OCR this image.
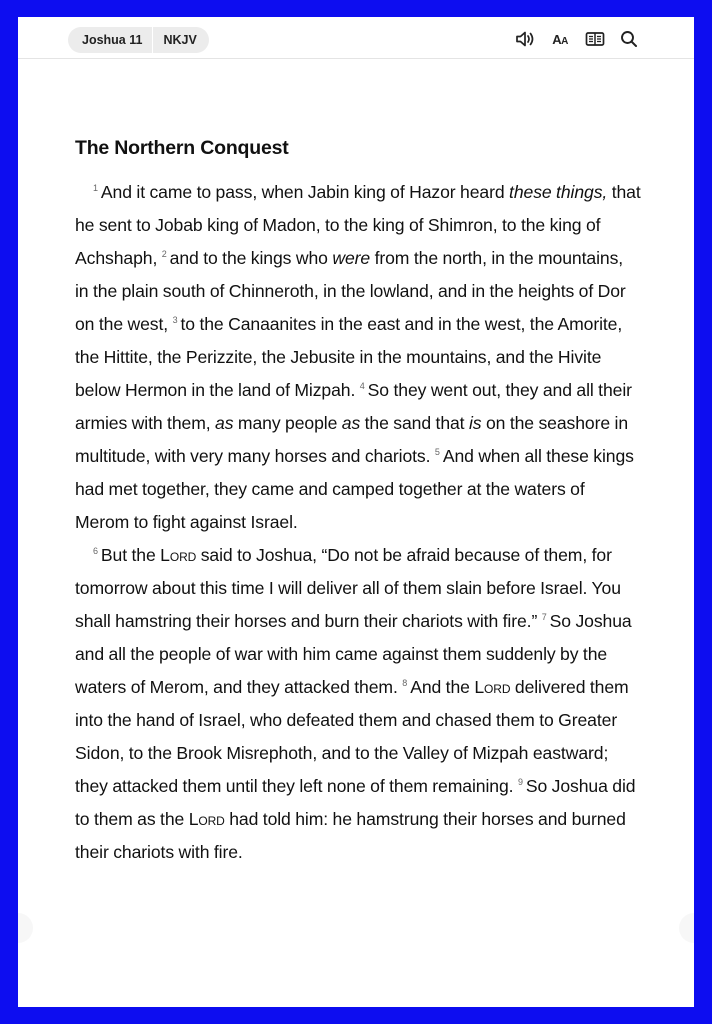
Joshua 11	NKJV	AA
The Northern Conquest

$^1$ And it came to pass, when Jabin king of Hazor heard these things, that he sent to Jobab king of Madon, to the king of Shimron, to the king of Achshaph, $^2$ and to the kings who were from the north, in the mountains, in the plain south of Chinneroth, in the lowland, and in the heights of Dor on the west, $^3$ to the Canaanites in the east and in the west, the Amorite, the Hittite, the Perizzite, the Jebusite in the mountains, and the Hivite below Hermon in the land of Mizpah. $^4$ So they went out, they and all their armies with them, as many people as the sand that is on the seashore in multitude, with very many horses and chariots. $^5$ And when all these kings had met together, they came and camped together at the waters of Merom to fight against Israel.

$^6$ But the Lord said to Joshua, “Do not be afraid because of them, for tomorrow about this time I will deliver all of them slain before Israel. You shall hamstring their horses and burn their chariots with fire.” $^7$ So Joshua and all the people of war with him came against them suddenly by the waters of Merom, and they attacked them. $^8$ And the Lord delivered them into the hand of Israel, who defeated them and chased them to Greater Sidon, to the Brook Misrephoth, and to the Valley of Mizpah eastward; they attacked them until they left none of them remaining. $^9$ So Joshua did to them as the Lord had told him: he hamstrung their horses and burned their chariots with fire.
